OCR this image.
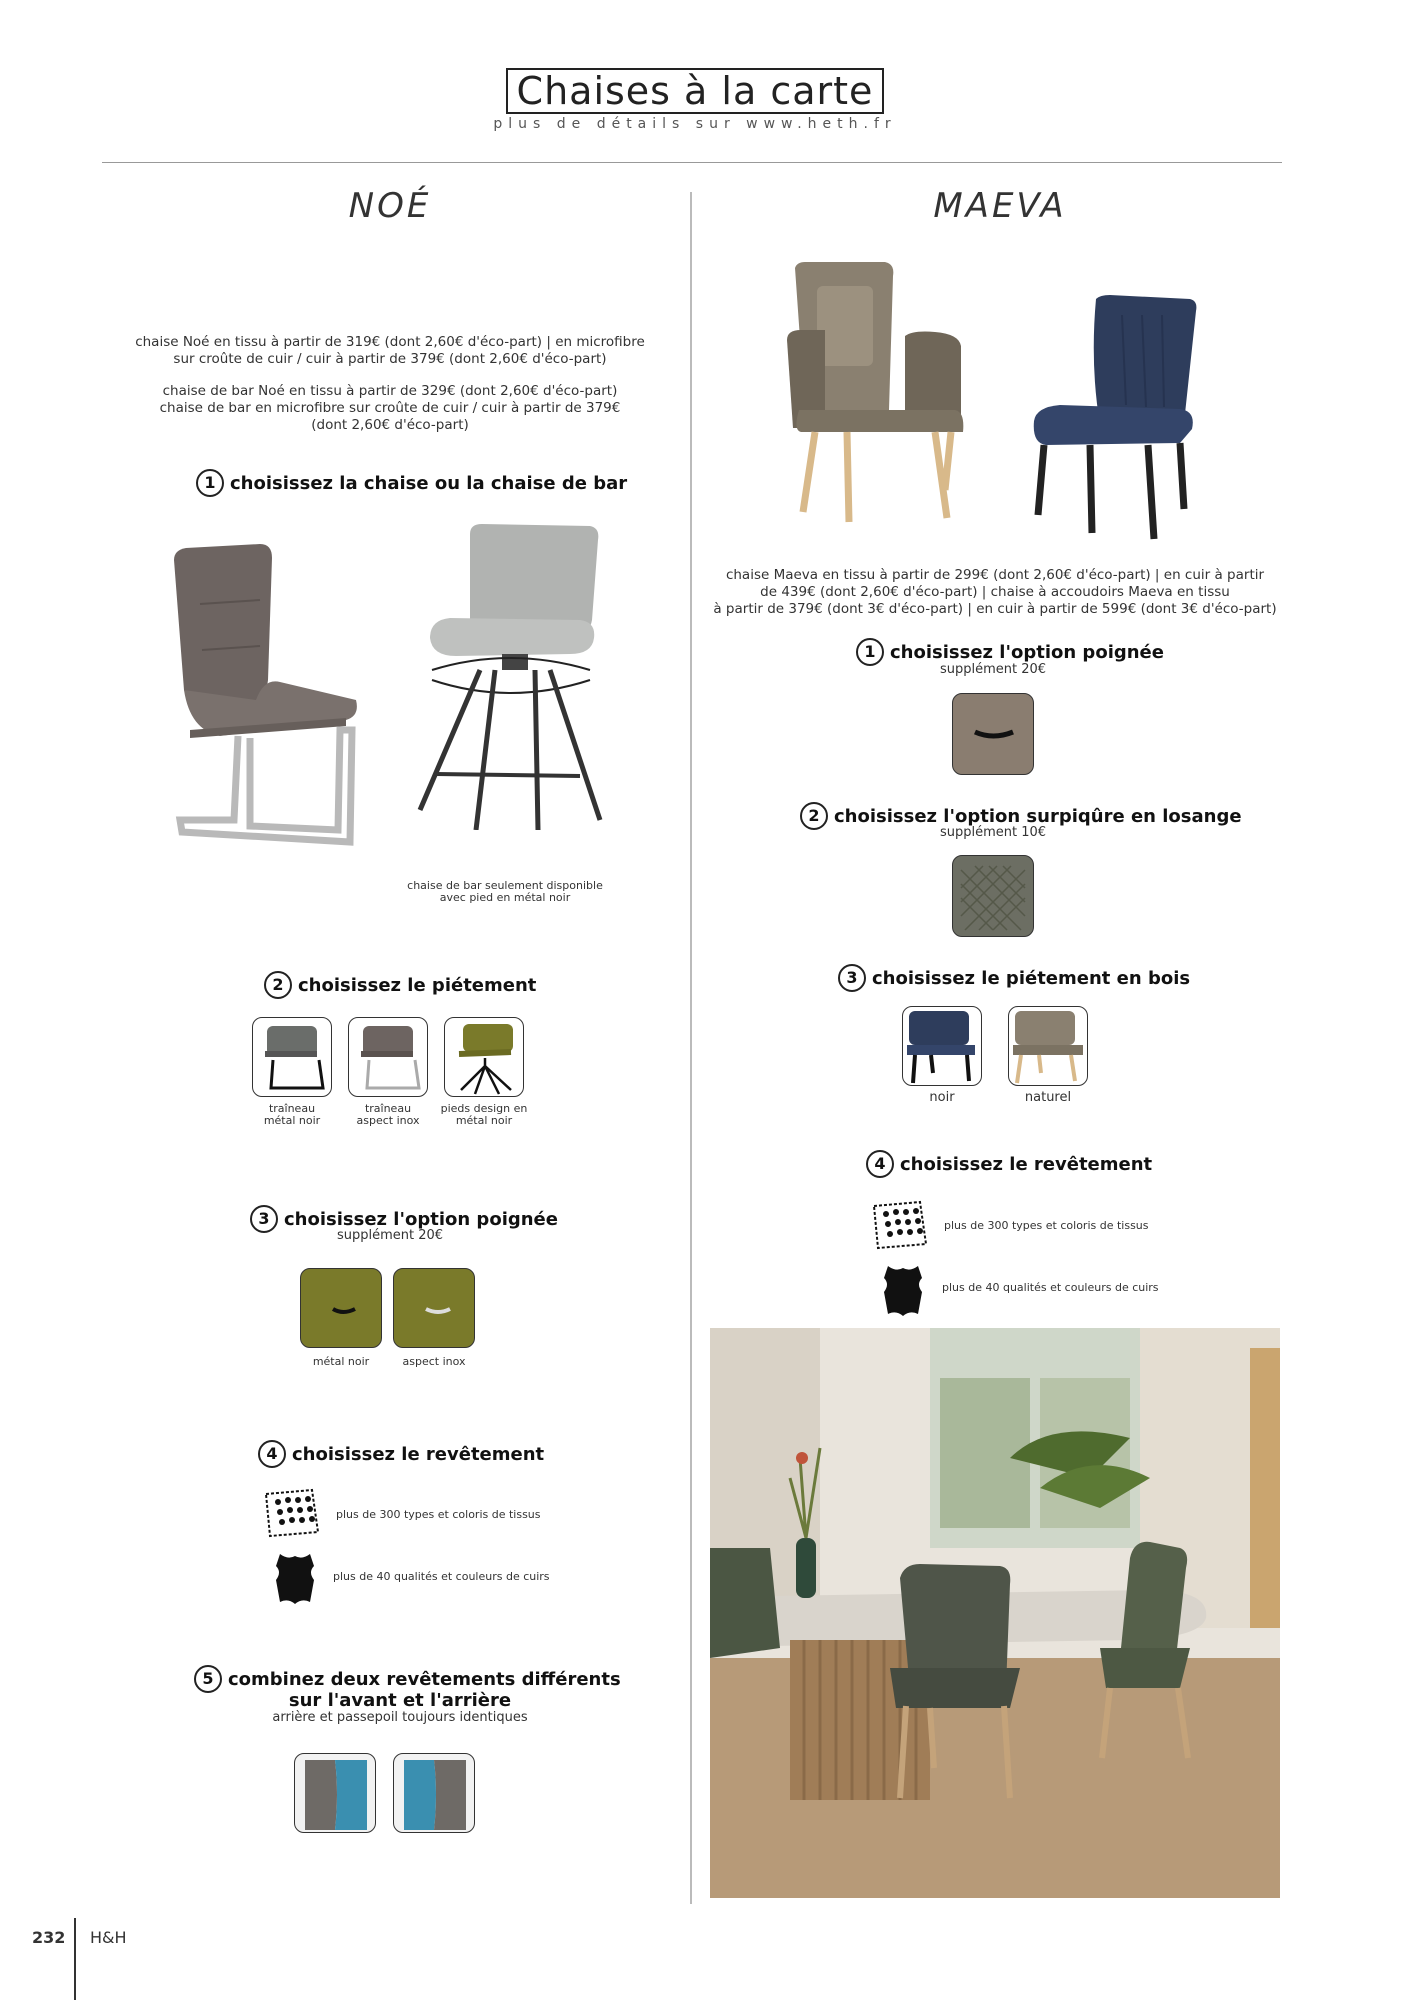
Chaises à la carte
plus de détails sur www.heth.fr
NOÉ
chaise Noé en tissu à partir de 319€ (dont 2,60€ d'éco-part) | en microfibre
sur croûte de cuir / cuir à partir de 379€ (dont 2,60€ d'éco-part)
chaise de bar Noé en tissu à partir de 329€ (dont 2,60€ d'éco-part)
chaise de bar en microfibre sur croûte de cuir / cuir à partir de 379€
(dont 2,60€ d'éco-part)
1 choisissez la chaise ou la chaise de bar
chaise de bar seulement disponible
avec pied en métal noir
2 choisissez le piétement
traîneau
métal noir
traîneau
aspect inox
pieds design en
métal noir
3 choisissez l'option poignée
supplément 20€
métal noir	aspect inox
4 choisissez le revêtement
plus de 300 types et coloris de tissus
plus de 40 qualités et couleurs de cuirs
5 combinez deux revêtements différents
sur l'avant et l'arrière
arrière et passepoil toujours identiques
MAEVA
chaise Maeva en tissu à partir de 299€ (dont 2,60€ d'éco-part) | en cuir à partir
de 439€ (dont 2,60€ d'éco-part) | chaise à accoudoirs Maeva en tissu
à partir de 379€ (dont 3€ d'éco-part) | en cuir à partir de 599€ (dont 3€ d'éco-part)
1 choisissez l'option poignée
supplément 20€
2 choisissez l'option surpiqûre en losange
supplément 10€
3 choisissez le piétement en bois
noir	naturel
4 choisissez le revêtement
plus de 300 types et coloris de tissus
plus de 40 qualités et couleurs de cuirs
232 H&H
